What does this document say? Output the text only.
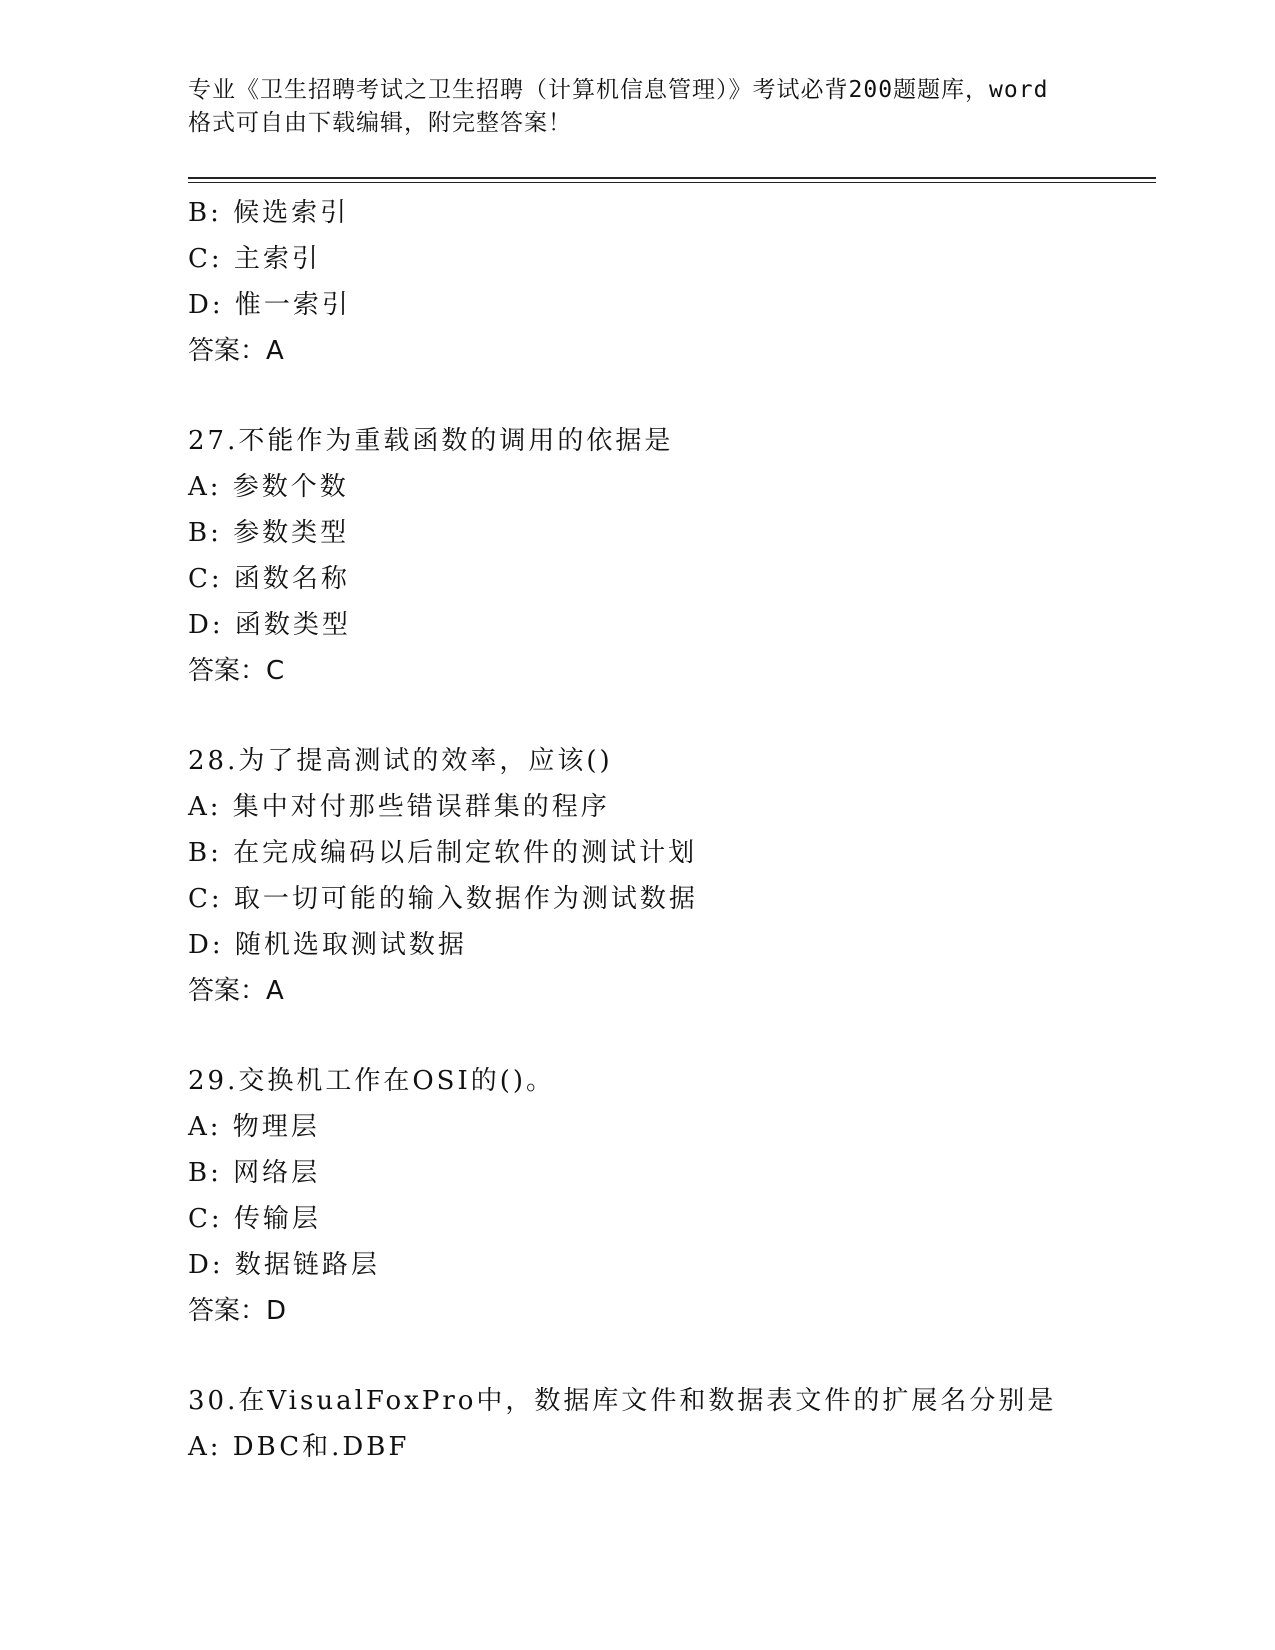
专业《卫生招聘考试之卫生招聘（计算机信息管理）》考试必背200题题库，word

格式可自由下载编辑，附完整答案！

B: 候选索引
C: 主索引
D: 惟一索引
答案：A
27.不能作为重载函数的调用的依据是
A: 参数个数
B: 参数类型
C: 函数名称
D: 函数类型
答案：C
28.为了提高测试的效率，应该()
A: 集中对付那些错误群集的程序
B: 在完成编码以后制定软件的测试计划
C: 取一切可能的输入数据作为测试数据
D: 随机选取测试数据
答案：A
29.交换机工作在OSI的()。
A: 物理层
B: 网络层
C: 传输层
D: 数据链路层
答案：D
30.在VisualFoxPro中，数据库文件和数据表文件的扩展名分别是
A: DBC和.DBF
